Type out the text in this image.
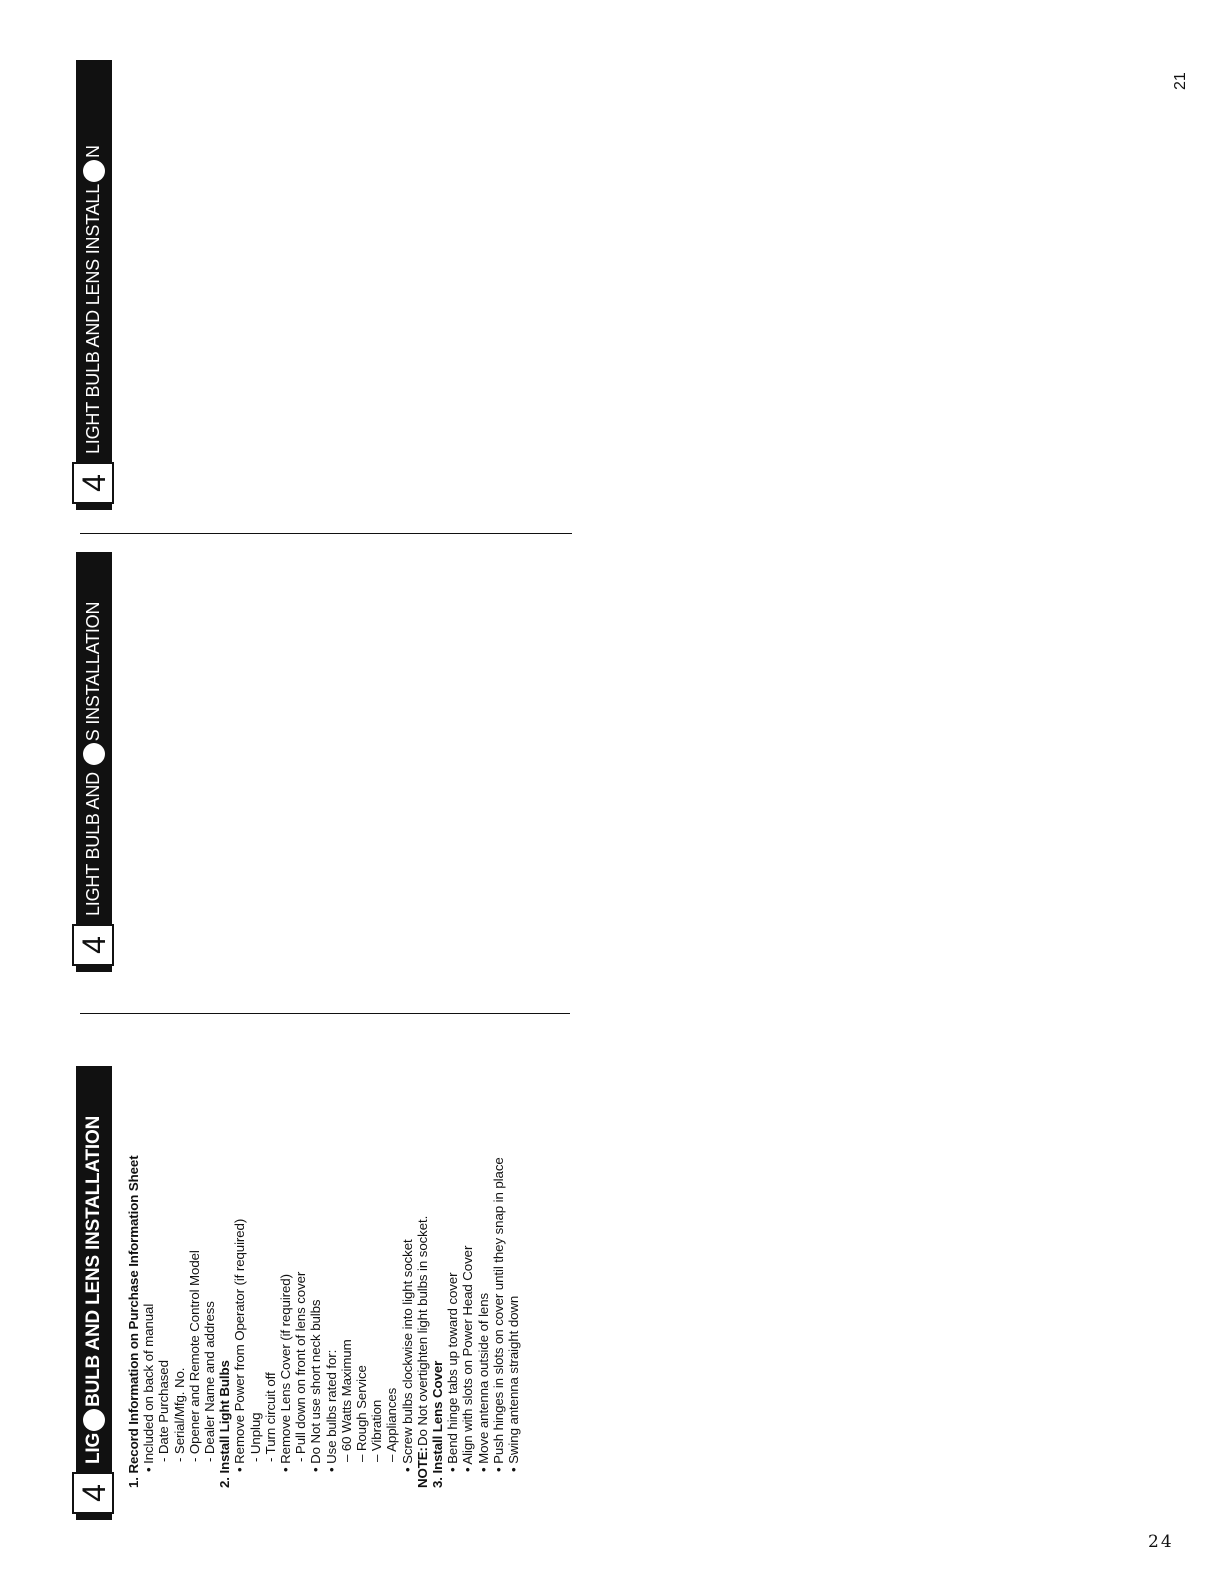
4
LIGBULB AND LENS INSTALLATION
4
LIGHT BULB AND S INSTALLATION
4
LIGHT BULB AND LENS INSTALLN
1. Record Information on Purchase Information Sheet • Included on back of manual - Date Purchased - Serial/Mfg. No. - Opener and Remote Control Model - Dealer Name and address 2. Install Light Bulbs • Remove Power from Operator (if required) - Unplug - Turn circuit off • Remove Lens Cover (if required) - Pull down on front of lens cover • Do Not use short neck bulbs • Use bulbs rated for: – 60 Watts Maximum – Rough Service – Vibration – Appliances • Screw bulbs clockwise into light socket NOTE:Do Not overtighten light bulbs in socket. 3. Install Lens Cover • Bend hinge tabs up toward cover • Align with slots on Power Head Cover • Move antenna outside of lens • Push hinges in slots on cover until they snap in place • Swing antenna straight down
21
24
